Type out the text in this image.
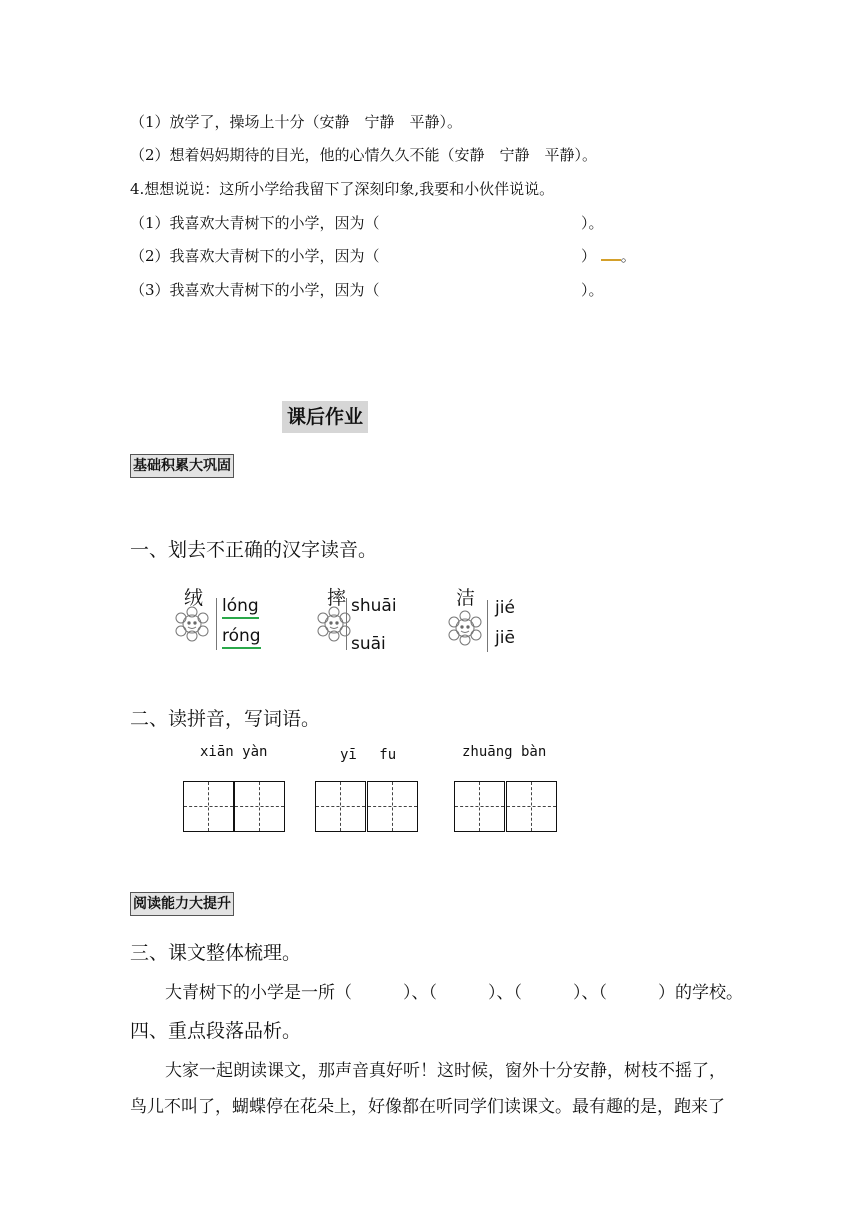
（1）放学了，操场上十分（安静　宁静　平静）。
（2）想着妈妈期待的目光，他的心情久久不能（安静　宁静　平静）。
4.想想说说：这所小学给我留下了深刻印象,我要和小伙伴说说。
（1）我喜欢大青树下的小学，因为（	）。
（2）我喜欢大青树下的小学，因为（	） 。
（3）我喜欢大青树下的小学，因为（	）。
课后作业
基础积累大巩固
一、划去不正确的汉字读音。
绒 lóng
róng
摔 shuāi
suāi
洁 jié
jiē
二、读拼音，写词语。
xiān yàn	yī　 fu	zhuāng bàn
阅读能力大提升
三、课文整体梳理。
大青树下的小学是一所（　　　）、（　　　）、（　　　）、（　　　）的学校。
四、重点段落品析。
大家一起朗读课文，那声音真好听！这时候，窗外十分安静，树枝不摇了，
鸟儿不叫了，蝴蝶停在花朵上，好像都在听同学们读课文。最有趣的是，跑来了
